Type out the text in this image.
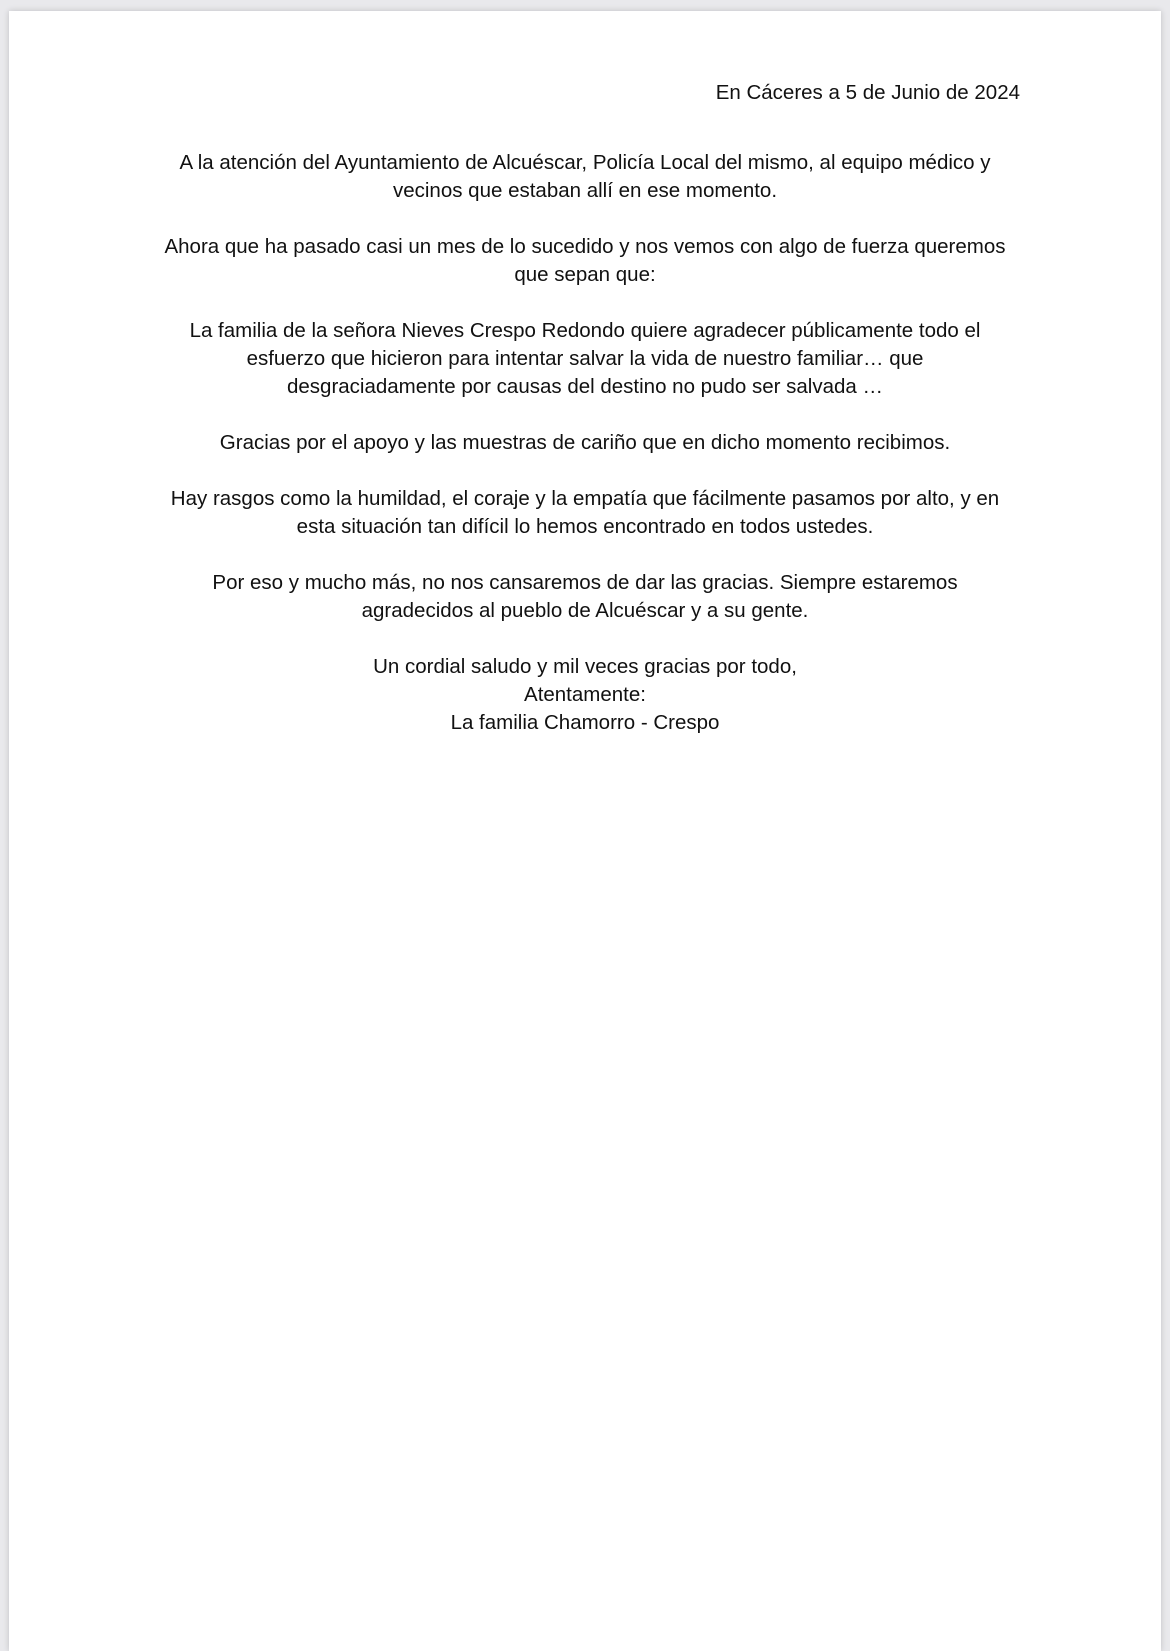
En Cáceres a 5 de Junio de 2024

A la atención del Ayuntamiento de Alcuéscar, Policía Local del mismo, al equipo médico y
vecinos que estaban allí en ese momento.

Ahora que ha pasado casi un mes de lo sucedido y nos vemos con algo de fuerza queremos
que sepan que:

La familia de la señora Nieves Crespo Redondo quiere agradecer públicamente todo el
esfuerzo que hicieron para intentar salvar la vida de nuestro familiar… que
desgraciadamente por causas del destino no pudo ser salvada …

Gracias por el apoyo y las muestras de cariño que en dicho momento recibimos.

Hay rasgos como la humildad, el coraje y la empatía que fácilmente pasamos por alto, y en
esta situación tan difícil lo hemos encontrado en todos ustedes.

Por eso y mucho más, no nos cansaremos de dar las gracias. Siempre estaremos
agradecidos al pueblo de Alcuéscar y a su gente.

Un cordial saludo y mil veces gracias por todo,
Atentamente:
La familia Chamorro - Crespo
